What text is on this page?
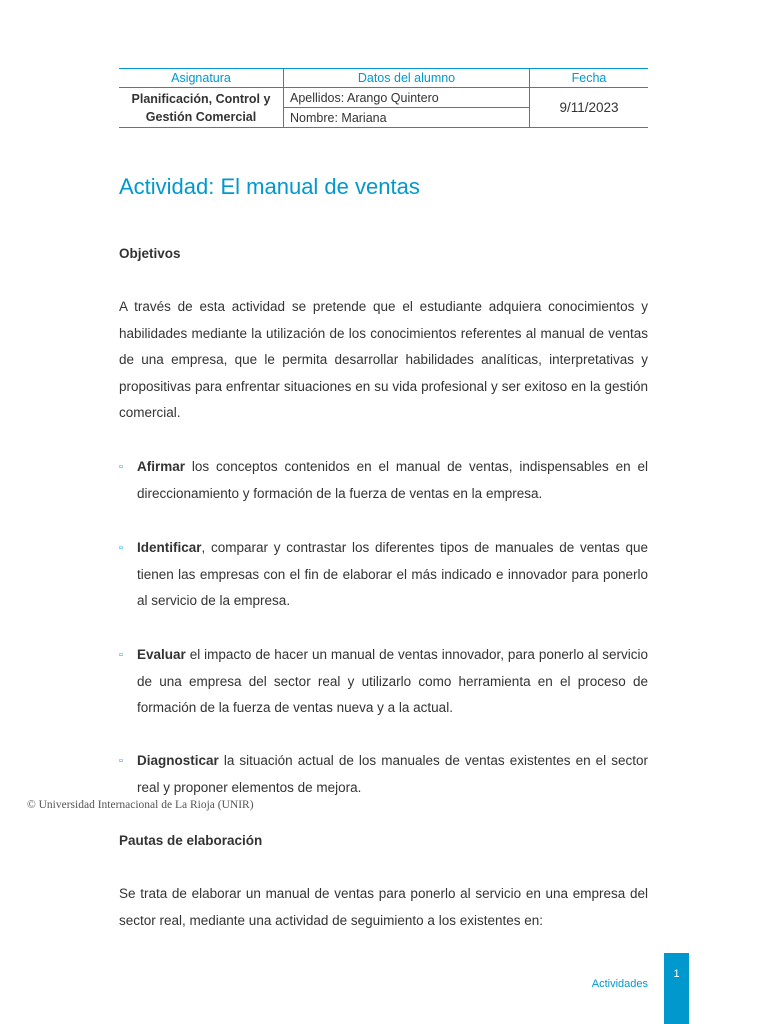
Asignatura	Datos del alumno	Fecha

Planificación, Control y
Gestión Comercial	Apellidos: Arango Quintero	9/11/2023
	Nombre: Mariana	
Actividad: El manual de ventas

Objetivos

A través de esta actividad se pretende que el estudiante adquiera conocimientos y habilidades mediante la utilización de los conocimientos referentes al manual de ventas de una empresa, que le permita desarrollar habilidades analíticas, interpretativas y propositivas para enfrentar situaciones en su vida profesional y ser exitoso en la gestión comercial.

▫ Afirmar los conceptos contenidos en el manual de ventas, indispensables en el direccionamiento y formación de la fuerza de ventas en la empresa.
▫ Identificar, comparar y contrastar los diferentes tipos de manuales de ventas que tienen las empresas con el fin de elaborar el más indicado e innovador para ponerlo al servicio de la empresa.
▫ Evaluar el impacto de hacer un manual de ventas innovador, para ponerlo al servicio de una empresa del sector real y utilizarlo como herramienta en el proceso de formación de la fuerza de ventas nueva y a la actual.
▫ Diagnosticar la situación actual de los manuales de ventas existentes en el sector real y proponer elementos de mejora.

© Universidad Internacional de La Rioja (UNIR)

Pautas de elaboración

Se trata de elaborar un manual de ventas para ponerlo al servicio en una empresa del sector real, mediante una actividad de seguimiento a los existentes en:

Actividades
1
